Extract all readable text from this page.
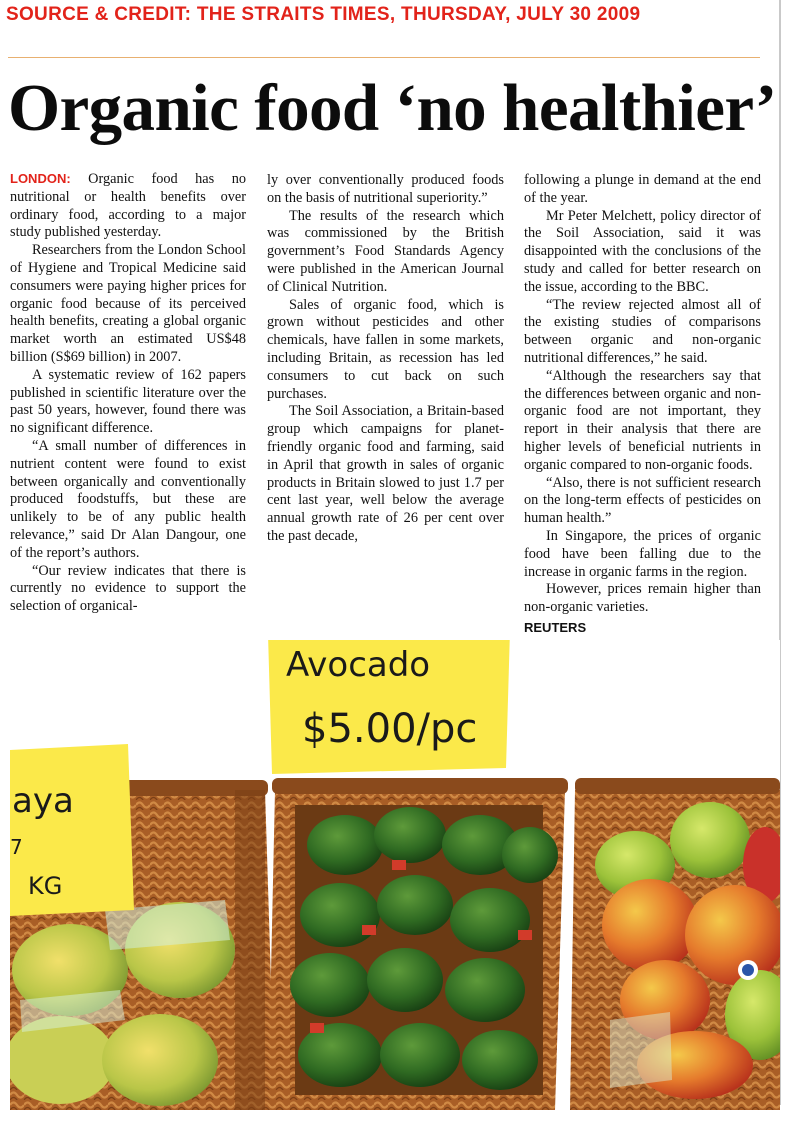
SOURCE & CREDIT: THE STRAITS TIMES, THURSDAY, JULY 30 2009
Organic food ‘no healthier’

LONDON: Organic food has no nutritional or health benefits over ordinary food, according to a major study published yesterday.

Researchers from the London School of Hygiene and Tropical Medicine said consumers were paying higher prices for organic food because of its perceived health benefits, creating a global organic market worth an estimated US$48 billion (S$69 billion) in 2007.

A systematic review of 162 papers published in scientific literature over the past 50 years, however, found there was no significant difference.

“A small number of differences in nutrient content were found to exist between organically and conventionally produced foodstuffs, but these are unlikely to be of any public health relevance,” said Dr Alan Dangour, one of the report’s authors.

“Our review indicates that there is currently no evidence to support the selection of organical-

ly over conventionally produced foods on the basis of nutritional superiority.”

The results of the research which was commissioned by the British government’s Food Standards Agency were published in the American Journal of Clinical Nutrition.

Sales of organic food, which is grown without pesticides and other chemicals, have fallen in some markets, including Britain, as recession has led consumers to cut back on such purchases.

The Soil Association, a Britain-based group which campaigns for planet-friendly organic food and farming, said in April that growth in sales of organic products in Britain slowed to just 1.7 per cent last year, well below the average annual growth rate of 26 per cent over the past decade,

following a plunge in demand at the end of the year.

Mr Peter Melchett, policy director of the Soil Association, said it was disappointed with the conclusions of the study and called for better research on the issue, according to the BBC.

“The review rejected almost all of the existing studies of comparisons between organic and non-organic nutritional differences,” he said.

“Although the researchers say that the differences between organic and non-organic food are not important, they report in their analysis that there are higher levels of beneficial nutrients in organic compared to non-organic foods.

“Also, there is not sufficient research on the long-term effects of pesticides on human health.”

In Singapore, the prices of organic food have been falling due to the increase in organic farms in the region.

However, prices remain higher than non-organic varieties.

REUTERS
aya
7
KG
Avocado
$5.00/pc
